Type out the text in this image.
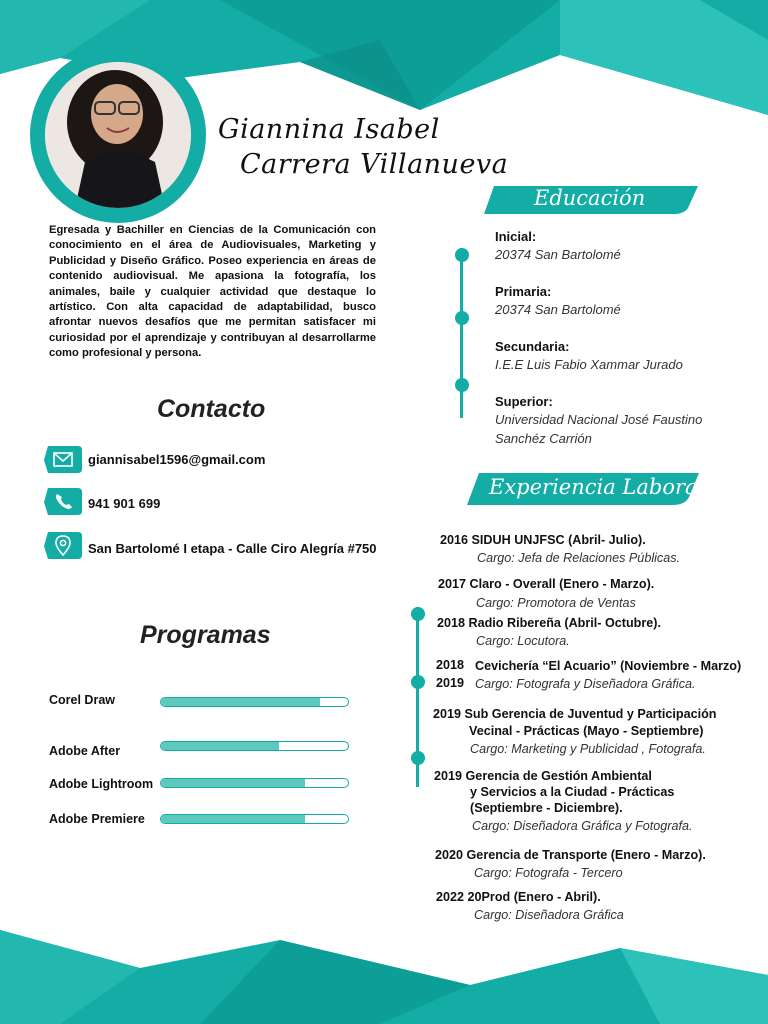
Giannina Isabel
Carrera Villanueva

Egresada y Bachiller en Ciencias de la Comunicación con conocimiento en el área de Audiovisuales, Marketing y Publicidad y Diseño Gráfico. Poseo experiencia en áreas de contenido audiovisual. Me apasiona la fotografía, los animales, baile y cualquier actividad que destaque lo artístico. Con alta capacidad de adaptabilidad, busco afrontar nuevos desafíos que me permitan satisfacer mi curiosidad por el aprendizaje y contribuyan al desarrollarme como profesional y persona.

Contacto
giannisabel1596@gmail.com
941 901 699
San Bartolomé I etapa - Calle Ciro Alegría #750
Programas
Corel Draw
Adobe After
Adobe Lightroom
Adobe Premiere
Educación
Inicial:
20374 San Bartolomé
Primaria:
20374 San Bartolomé
Secundaria:
I.E.E Luis Fabio Xammar Jurado
Superior:
Universidad Nacional José Faustino
Sanchéz Carrión
Experiencia Laboral
2016 SIDUH UNJFSC (Abril- Julio).
Cargo: Jefa de Relaciones Públicas.
2017 Claro - Overall (Enero - Marzo).
Cargo: Promotora de Ventas
2018 Radio Ribereña (Abril- Octubre).
Cargo: Locutora.
2018
2019
Cevichería “El Acuario” (Noviembre - Marzo)
Cargo: Fotografa y Diseñadora Gráfica.
2019 Sub Gerencia de Juventud y Participación
Vecinal - Prácticas (Mayo - Septiembre)
Cargo: Marketing y Publicidad , Fotografa.
2019 Gerencia de Gestión Ambiental
y Servicios a la Ciudad - Prácticas
(Septiembre - Diciembre).
Cargo: Diseñadora Gráfica y Fotografa.
2020 Gerencia de Transporte (Enero - Marzo).
Cargo: Fotografa - Tercero
2022 20Prod (Enero - Abril).
Cargo: Diseñadora Gráfica
